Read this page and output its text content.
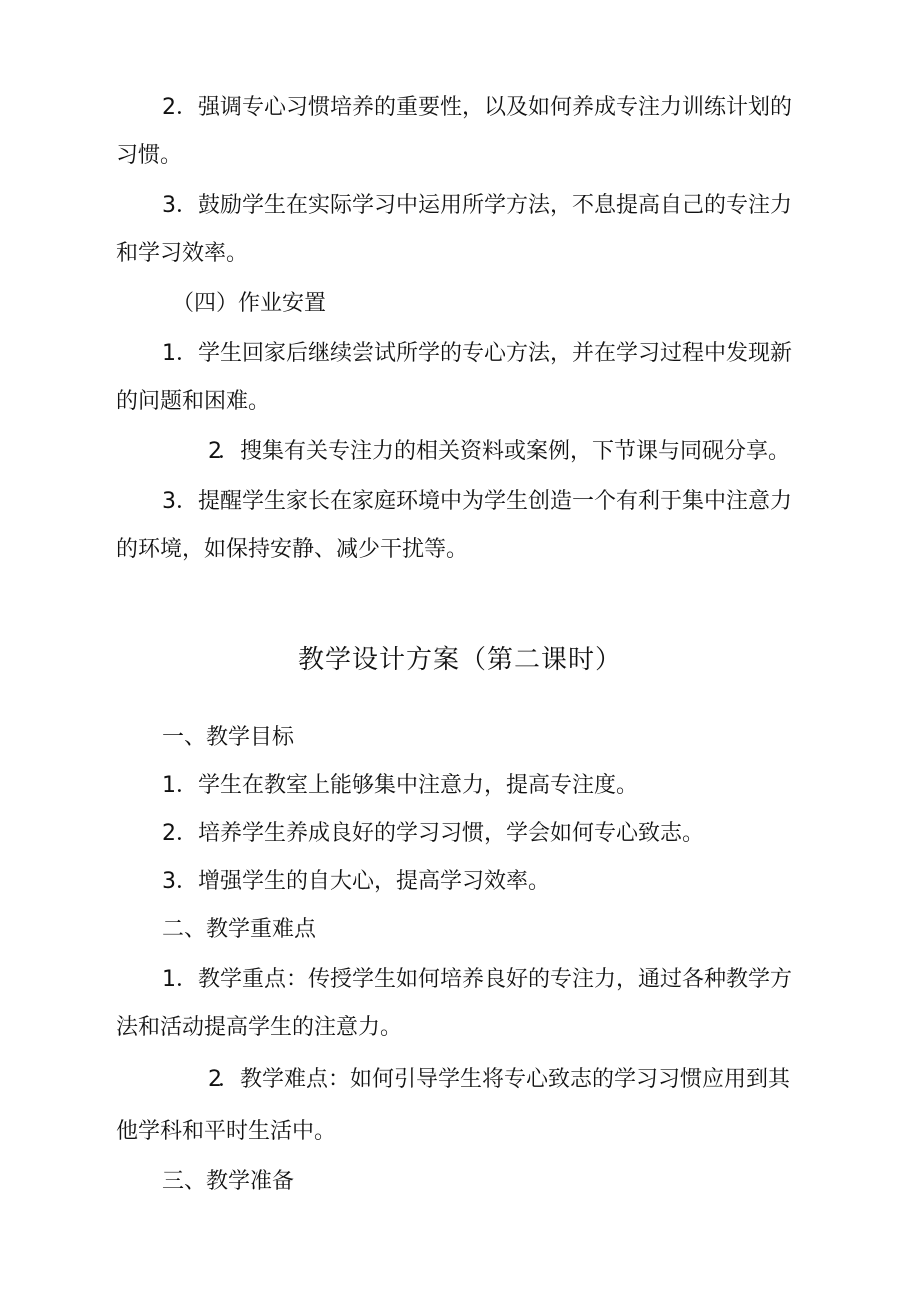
2．强调专心习惯培养的重要性，以及如何养成专注力训练计划的

习惯。

3．鼓励学生在实际学习中运用所学方法，不息提高自己的专注力

和学习效率。

（四）作业安置

1．学生回家后继续尝试所学的专心方法，并在学习过程中发现新

的问题和困难。

2．搜集有关专注力的相关资料或案例，下节课与同砚分享。

3．提醒学生家长在家庭环境中为学生创造一个有利于集中注意力

的环境，如保持安静、减少干扰等。

教学设计方案（第二课时）

一、教学目标

1．学生在教室上能够集中注意力，提高专注度。

2．培养学生养成良好的学习习惯，学会如何专心致志。

3．增强学生的自大心，提高学习效率。

二、教学重难点

1．教学重点：传授学生如何培养良好的专注力，通过各种教学方

法和活动提高学生的注意力。

2．教学难点：如何引导学生将专心致志的学习习惯应用到其

他学科和平时生活中。

三、教学准备
